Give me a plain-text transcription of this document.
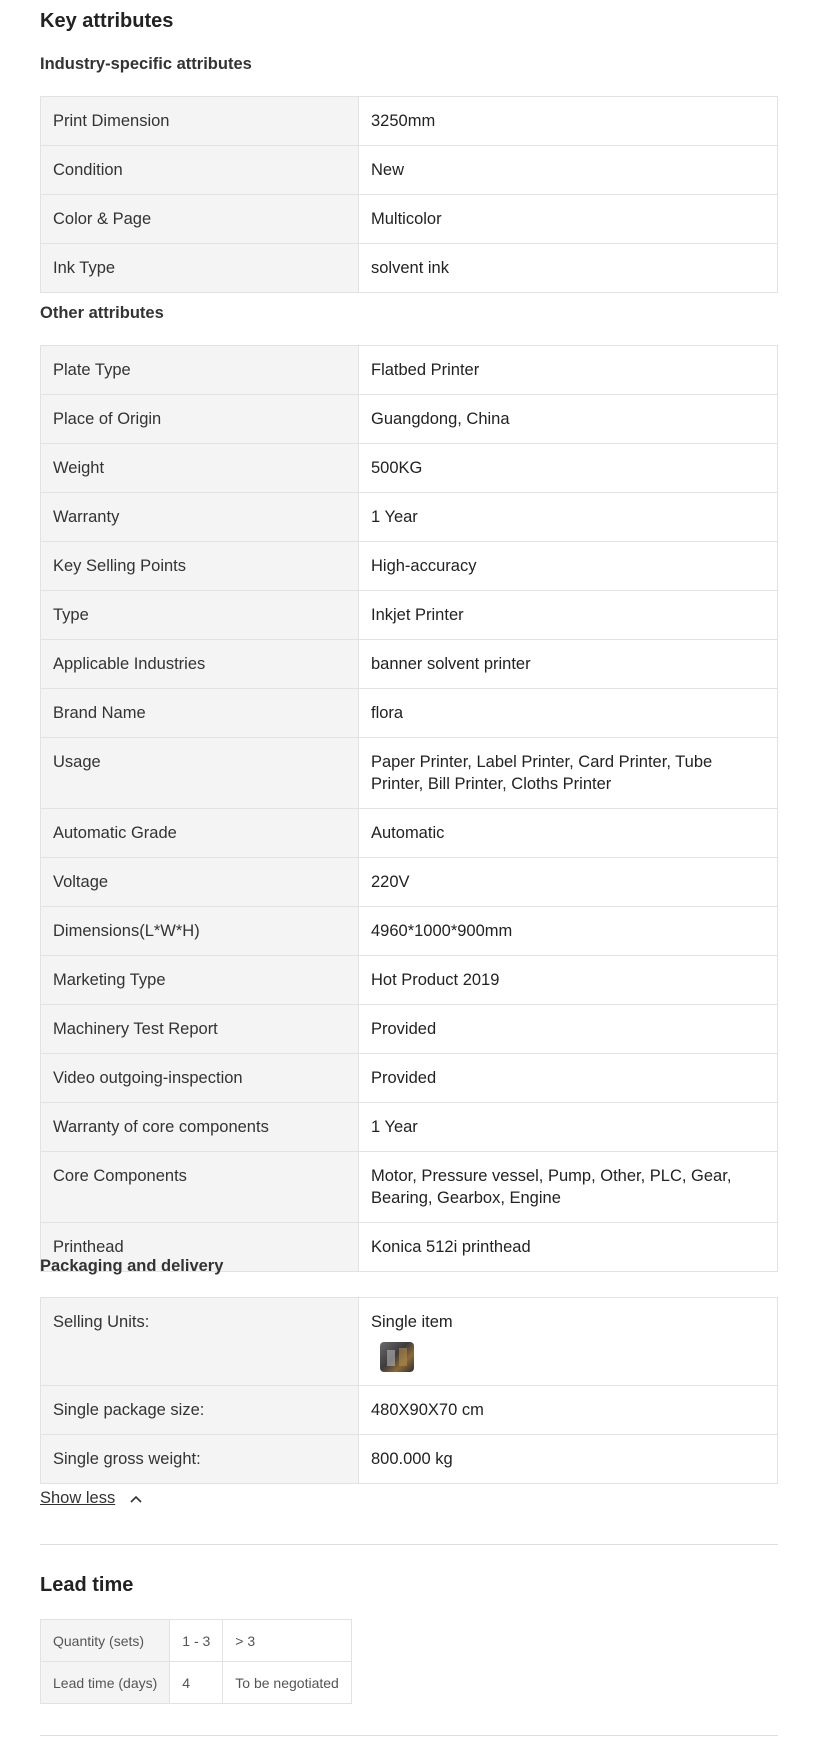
Key attributes
Industry-specific attributes
Print Dimension	3250mm
Condition	New
Color & Page	Multicolor
Ink Type	solvent ink
Other attributes
Plate Type	Flatbed Printer
Place of Origin	Guangdong, China
Weight	500KG
Warranty	1 Year
Key Selling Points	High-accuracy
Type	Inkjet Printer
Applicable Industries	banner solvent printer
Brand Name	flora
Usage	Paper Printer, Label Printer, Card Printer, Tube Printer, Bill Printer, Cloths Printer
Automatic Grade	Automatic
Voltage	220V
Dimensions(L*W*H)	4960*1000*900mm
Marketing Type	Hot Product 2019
Machinery Test Report	Provided
Video outgoing-inspection	Provided
Warranty of core components	1 Year
Core Components	Motor, Pressure vessel, Pump, Other, PLC, Gear, Bearing, Gearbox, Engine
Printhead	Konica 512i printhead
Packaging and delivery
Selling Units:	Single item

Single package size:	480X90X70 cm
Single gross weight:	800.000 kg
Show less
Lead time
Quantity (sets)	1 - 3	> 3
Lead time (days)	4	To be negotiated
